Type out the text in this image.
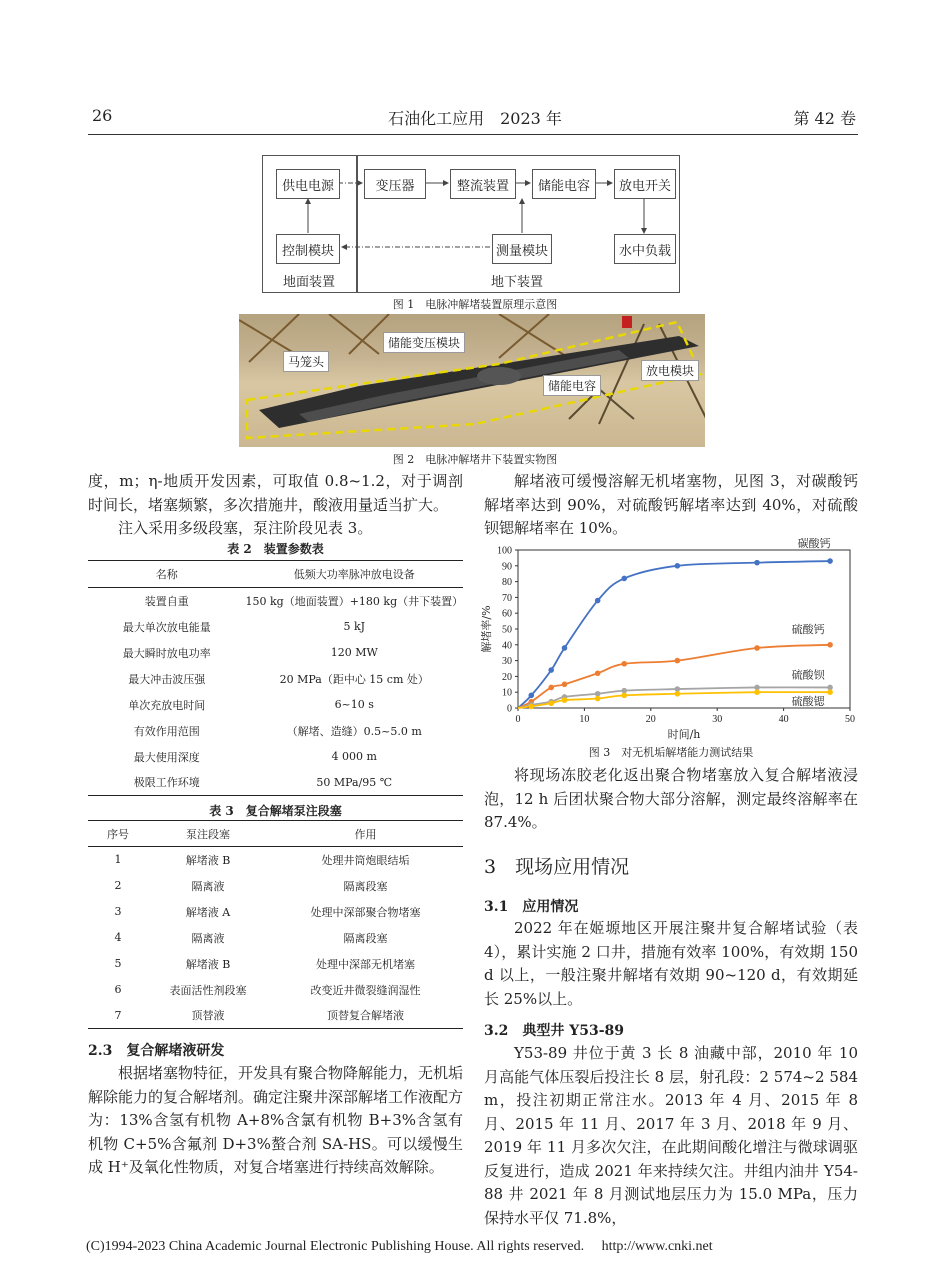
26	石油化工应用　2023 年	第 42 卷
地面装置	地下装置
供电电源	变压器	整流装置	储能电容	放电开关
控制模块	测量模块	水中负载
图 1　电脉冲解堵装置原理示意图
马笼头
储能变压模块
储能电容
放电模块
图 2　电脉冲解堵井下装置实物图

度，m；η-地质开发因素，可取值 0.8~1.2，对于调剖时间长，堵塞频繁，多次措施井，酸液用量适当扩大。

注入采用多级段塞，泵注阶段见表 3。

表 2　装置参数表
名称	低频大功率脉冲放电设备
装置自重	150 kg（地面装置）+180 kg（井下装置）
最大单次放电能量	5 kJ
最大瞬时放电功率	120 MW
最大冲击波压强	20 MPa（距中心 15 cm 处）
单次充放电时间	6~10 s
有效作用范围	（解堵、造缝）0.5~5.0 m
最大使用深度	4 000 m
极限工作环境	50 MPa/95 ℃
表 3　复合解堵泵注段塞
序号	泵注段塞	作用
1	解堵液 B	处理井筒炮眼结垢
2	隔离液	隔离段塞
3	解堵液 A	处理中深部聚合物堵塞
4	隔离液	隔离段塞
5	解堵液 B	处理中深部无机堵塞
6	表面活性剂段塞	改变近井微裂缝润湿性
7	顶替液	顶替复合解堵液
2.3　复合解堵液研发

根据堵塞物特征，开发具有聚合物降解能力，无机垢解除能力的复合解堵剂。确定注聚井深部解堵工作液配方为：13%含氢有机物 A+8%含氯有机物 B+3%含氢有机物 C+5%含氟剂 D+3%螯合剂 SA-HS。可以缓慢生成 H⁺及氧化性物质，对复合堵塞进行持续高效解除。

解堵液可缓慢溶解无机堵塞物，见图 3，对碳酸钙解堵率达到 90%，对硫酸钙解堵率达到 40%，对硫酸钡锶解堵率在 10%。

0
10
20
30
40
50
60
70
80
90
100
0	10	20	30	40	50
时间/h
解堵率/%
碳酸钙
硫酸钙
硫酸钡
硫酸锶
图 3　对无机垢解堵能力测试结果

将现场冻胶老化返出聚合物堵塞放入复合解堵液浸泡，12 h 后团状聚合物大部分溶解，测定最终溶解率在87.4%。

3　现场应用情况
3.1　应用情况

2022 年在姬塬地区开展注聚井复合解堵试验（表 4），累计实施 2 口井，措施有效率 100%，有效期 150 d 以上，一般注聚井解堵有效期 90~120 d，有效期延长 25%以上。

3.2　典型井 Y53-89

Y53-89 井位于黄 3 长 8 油藏中部，2010 年 10 月高能气体压裂后投注长 8 层，射孔段：2 574~2 584 m，投注初期正常注水。2013 年 4 月、2015 年 8 月、2015 年 11 月、2017 年 3 月、2018 年 9 月、2019 年 11 月多次欠注，在此期间酸化增注与微球调驱反复进行，造成 2021 年来持续欠注。井组内油井 Y54-88 井 2021 年 8 月测试地层压力为 15.0 MPa，压力保持水平仅 71.8%，

(C)1994-2023 China Academic Journal Electronic Publishing House. All rights reserved.　 http://www.cnki.net
